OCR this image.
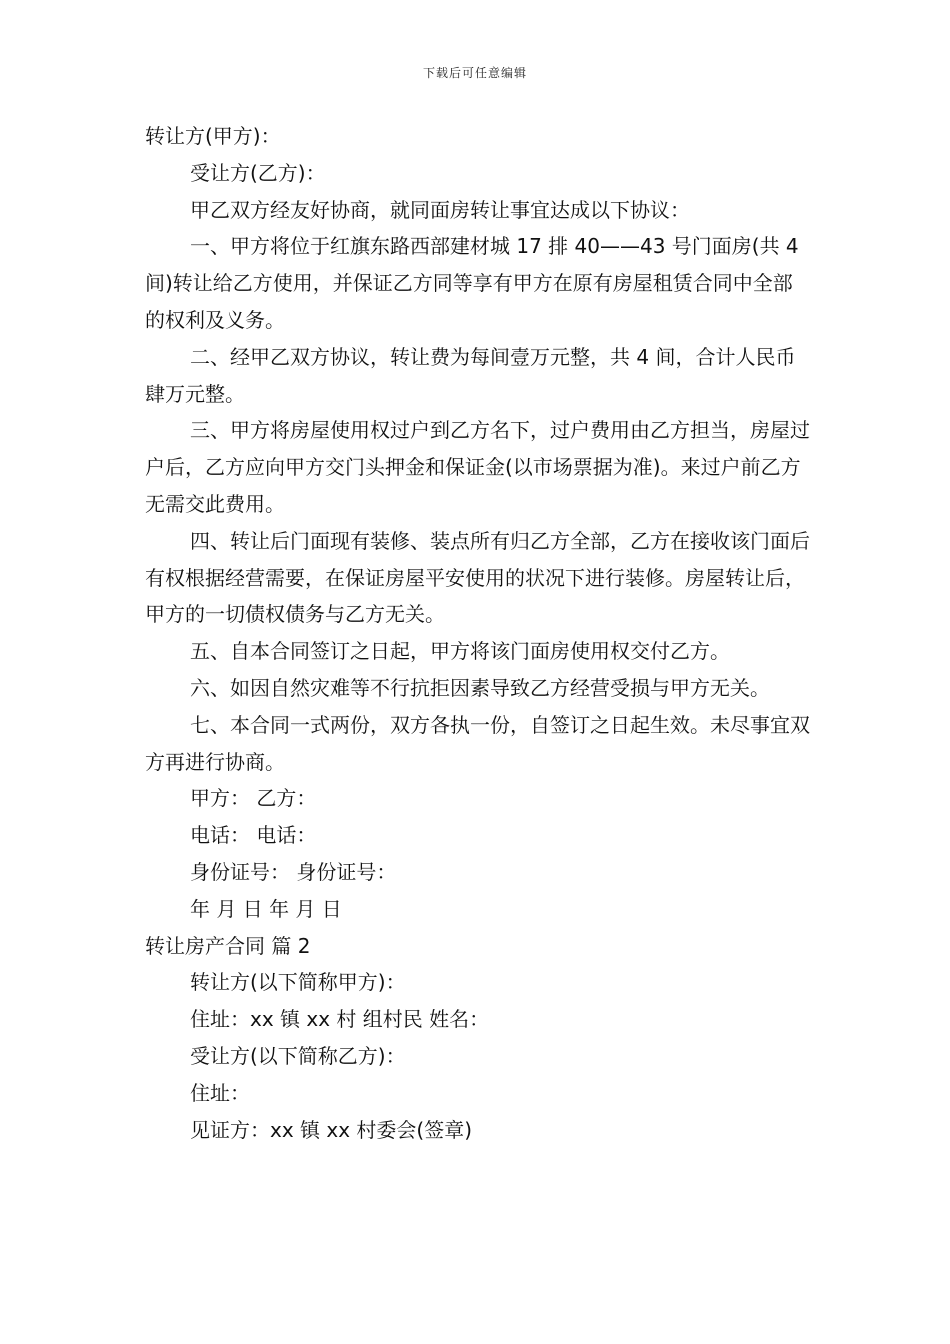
下载后可任意编辑

转让方(甲方)：

受让方(乙方)：

甲乙双方经友好协商，就同面房转让事宜达成以下协议：

一、甲方将位于红旗东路西部建材城 17 排 40——43 号门面房(共 4 间)转让给乙方使用，并保证乙方同等享有甲方在原有房屋租赁合同中全部的权利及义务。

二、经甲乙双方协议，转让费为每间壹万元整，共 4 间，合计人民币肆万元整。

三、甲方将房屋使用权过户到乙方名下，过户费用由乙方担当，房屋过户后，乙方应向甲方交门头押金和保证金(以市场票据为准)。来过户前乙方无需交此费用。

四、转让后门面现有装修、装点所有归乙方全部，乙方在接收该门面后有权根据经营需要，在保证房屋平安使用的状况下进行装修。房屋转让后，甲方的一切债权债务与乙方无关。

五、自本合同签订之日起，甲方将该门面房使用权交付乙方。

六、如因自然灾难等不行抗拒因素导致乙方经营受损与甲方无关。

七、本合同一式两份，双方各执一份，自签订之日起生效。未尽事宜双方再进行协商。

甲方： 乙方：

电话： 电话：

身份证号： 身份证号：

年 月 日 年 月 日

转让房产合同 篇 2

转让方(以下简称甲方)：

住址：xx 镇 xx 村 组村民 姓名：

受让方(以下简称乙方)：

住址：

见证方：xx 镇 xx 村委会(签章)
